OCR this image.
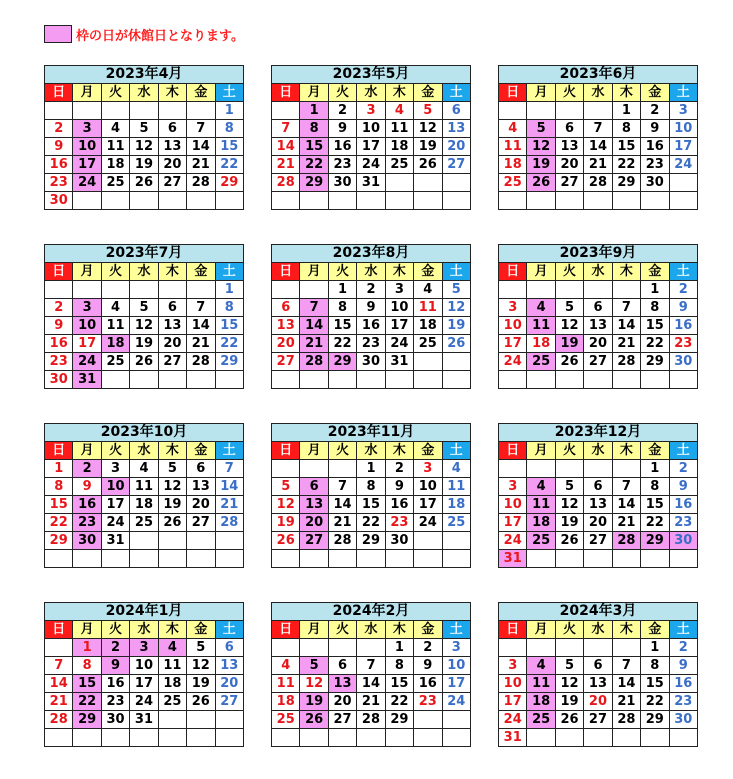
枠の日が休館日となります。
2023年4月						
日	月	火	水	木	金	土
						1
2	3	4	5	6	7	8
9	10	11	12	13	14	15
16	17	18	19	20	21	22
23	24	25	26	27	28	29
30						
2023年5月						
日	月	火	水	木	金	土
	1	2	3	4	5	6
7	8	9	10	11	12	13
14	15	16	17	18	19	20
21	22	23	24	25	26	27
28	29	30	31			

2023年6月						
日	月	火	水	木	金	土
				1	2	3
4	5	6	7	8	9	10
11	12	13	14	15	16	17
18	19	20	21	22	23	24
25	26	27	28	29	30	

2023年7月						
日	月	火	水	木	金	土
						1
2	3	4	5	6	7	8
9	10	11	12	13	14	15
16	17	18	19	20	21	22
23	24	25	26	27	28	29
30	31					
2023年8月						
日	月	火	水	木	金	土
		1	2	3	4	5
6	7	8	9	10	11	12
13	14	15	16	17	18	19
20	21	22	23	24	25	26
27	28	29	30	31		

2023年9月						
日	月	火	水	木	金	土
					1	2
3	4	5	6	7	8	9
10	11	12	13	14	15	16
17	18	19	20	21	22	23
24	25	26	27	28	29	30

2023年10月						
日	月	火	水	木	金	土
1	2	3	4	5	6	7
8	9	10	11	12	13	14
15	16	17	18	19	20	21
22	23	24	25	26	27	28
29	30	31				

2023年11月						
日	月	火	水	木	金	土
			1	2	3	4
5	6	7	8	9	10	11
12	13	14	15	16	17	18
19	20	21	22	23	24	25
26	27	28	29	30		

2023年12月						
日	月	火	水	木	金	土
					1	2
3	4	5	6	7	8	9
10	11	12	13	14	15	16
17	18	19	20	21	22	23
24	25	26	27	28	29	30
31						
2024年1月						
日	月	火	水	木	金	土
	1	2	3	4	5	6
7	8	9	10	11	12	13
14	15	16	17	18	19	20
21	22	23	24	25	26	27
28	29	30	31			

2024年2月						
日	月	火	水	木	金	土
				1	2	3
4	5	6	7	8	9	10
11	12	13	14	15	16	17
18	19	20	21	22	23	24
25	26	27	28	29		

2024年3月						
日	月	火	水	木	金	土
					1	2
3	4	5	6	7	8	9
10	11	12	13	14	15	16
17	18	19	20	21	22	23
24	25	26	27	28	29	30
31						
